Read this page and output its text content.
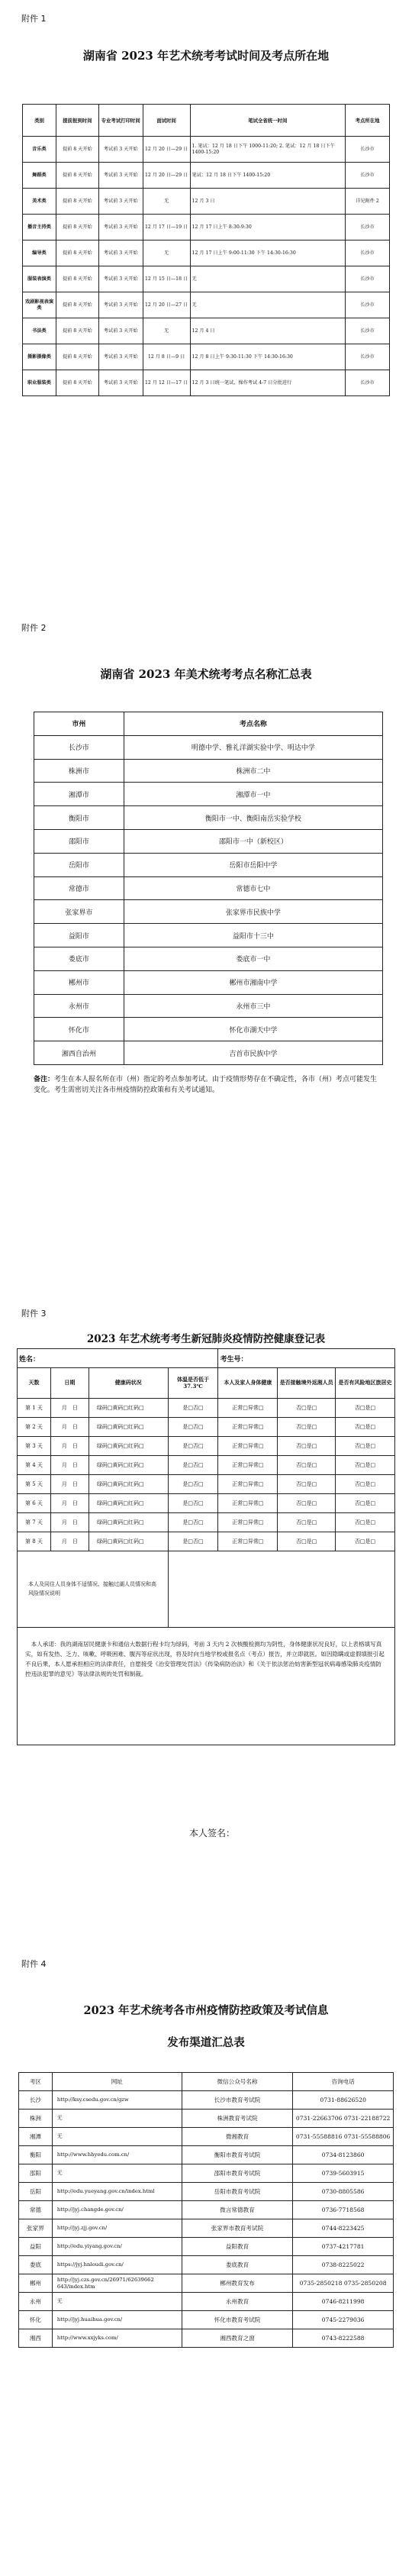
附件 1
湖南省 2023 年艺术统考考试时间及考点所在地
类别	提前报到时间	专业考试打印时间	面试时间	笔试全省统一时间	考点所在地
音乐类	提前 8 天开始	考试前 3 天开始	12 月 20 日—29 日	1. 笔试：12 月 18 日下午 1000-11:20; 2. 笔试：12 月 18 日下午 1400-15:20	长沙市
舞蹈类	提前 8 天开始	考试前 3 天开始	12 月 20 日—29 日	笔试：12 月 18 日下午 1400-15:20	长沙市
美术类	提前 8 天开始	考试前 3 天开始	无	12 月 3 日	详见附件 2
播音主持类	提前 8 天开始	考试前 3 天开始	12 月 17 日—19 日	12 月 17 日上午 8:30-9:30	长沙市
编导类	提前 8 天开始	考试前 3 天开始	无	12 月 17 日上午 9:00-11:30 下午 14:30-16:30	长沙市
服装表演类	提前 8 天开始	考试前 3 天开始	12 月 15 日—18 日	无	长沙市
戏剧影视表演类	提前 8 天开始	考试前 3 天开始	12 月 20 日—27 日	无	长沙市
书法类	提前 8 天开始	考试前 3 天开始	无	12 月 4 日	长沙市
摄影摄像类	提前 8 天开始	考试前 3 天开始	12 月 8 日—9 日	12 月 8 日上午 9:30-11:30 下午 14:30-16:30	长沙市
职业服装类	提前 8 天开始	考试前 3 天开始	12 月 12 日—17 日	12 月 3 日统一笔试，操作考试 4-7 日分批进行	长沙市
附件 2
湖南省 2023 年美术统考考点名称汇总表
市州	考点名称
长沙市	明德中学、雅礼洋湖实验中学、明达中学
株洲市	株洲市二中
湘潭市	湘潭市一中
衡阳市	衡阳市一中、衡阳南岳实验学校
邵阳市	邵阳市一中（新校区）
岳阳市	岳阳市岳阳中学
常德市	常德市七中
张家界市	张家界市民族中学
益阳市	益阳市十三中
娄底市	娄底市一中
郴州市	郴州市湘南中学
永州市	永州市三中
怀化市	怀化市湖天中学
湘西自治州	吉首市民族中学
备注：考生在本人报名所在市（州）指定的考点参加考试。由于疫情形势存在不确定性，各市（州）考点可能发生变化。考生需密切关注各市州疫情防控政策和有关考试通知。
附件 3
2023 年艺术统考考生新冠肺炎疫情防控健康登记表
姓名：				考生号：		
天数	日期	健康码状况	体温是否低于 37.3℃	本人及家人身体健康	是否接触境外返湘人员	是否有风险地区旅居史
第 1 天	月　日	绿码□黄码□红码□	是□否□	正常□异常□	否□是□	否□是□
第 2 天	月　日	绿码□黄码□红码□	是□否□	正常□异常□	否□是□	否□是□
第 3 天	月　日	绿码□黄码□红码□	是□否□	正常□异常□	否□是□	否□是□
第 4 天	月　日	绿码□黄码□红码□	是□否□	正常□异常□	否□是□	否□是□
第 5 天	月　日	绿码□黄码□红码□	是□否□	正常□异常□	否□是□	否□是□
第 6 天	月　日	绿码□黄码□红码□	是□否□	正常□异常□	否□是□	否□是□
第 7 天	月　日	绿码□黄码□红码□	是□否□	正常□异常□	否□是□	否□是□
第 8 天	月　日	绿码□黄码□红码□	是□否□	正常□异常□	否□是□	否□是□
本人及同住人员身体不适情况、接触过湖人员情况和高风险情况说明						

本人承诺：我的湖南居民健康卡和通信大数据行程卡均为绿码，考前 3 天内 2 次核酸检测均为阴性，身体健康状况良好，以上表格填写真实，如有发热、乏力、咳嗽、呼吸困难、腹泻等症状出现，将及时向当地学校或报名点（考点）报告，并立即就医。如因隐瞒或虚假填报引起不良后果，本人愿承担相应的法律责任，自愿接受《治安管理处罚法》《传染病防治法》和《关于依法惩治妨害新型冠状病毒感染肺炎疫情防控违法犯罪的意见》等法律法规的处罚和制裁。						
本人签名：
附件 4
2023 年艺术统考各市州疫情防控政策及考试信息
发布渠道汇总表
考区	网址	微信公众号名称	咨询电话
长沙	http://ksy.csedu.gov.cn/gzw	长沙市教育考试院	0731-88626520
株洲	无	株洲教育考试院	0731-22663706 0731-22188722
湘潭	无	微湘教育	0731-55588816 0731-55588806
衡阳	http://www.hhyedu.com.cn/	衡阳市教育考试院	0734-8123860
邵阳	无	邵阳市教育考试院	0739-5603915
岳阳	http://edu.yueyang.gov.cn/index.html	岳阳市教育考试院	0730-8805586
常德	http://jyj.changde.gov.cn/	微言常德教育	0736-7718568
张家界	http://jyj.zjj.gov.cn/	张家界市教育考试院	0744-8223425
益阳	http://edu.yiyang.gov.cn/	益阳教育	0737-4217781
娄底	https://jyj.hnloudi.gov.cn/	娄底教育	0738-8225022
郴州	http://jyj.czs.gov.cn/26971/62639662 643/index.htm	郴州教育发布	0735-2850218 0735-2850208
永州	无	永州教育	0746-8211998
怀化	http://jyj.huaihua.gov.cn/	怀化市教育考试院	0745-2279036
湘西	http://www.xxjyks.com/	湘西教育之窗	0743-8222588
